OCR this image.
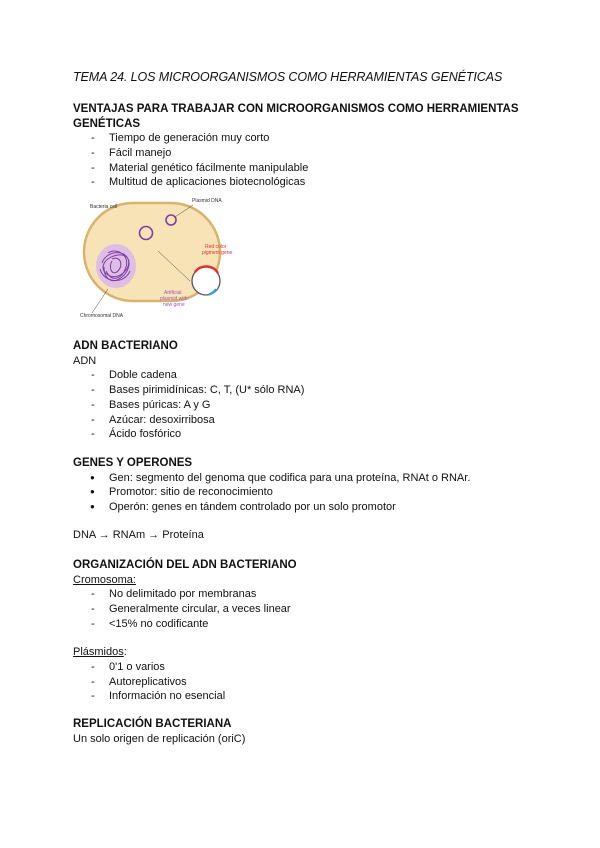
TEMA 24. LOS MICROORGANISMOS COMO HERRAMIENTAS GENÉTICAS

VENTAJAS PARA TRABAJAR CON MICROORGANISMOS COMO HERRAMIENTAS GENÉTICAS

- Tiempo de generación muy corto
- Fácil manejo
- Material genético fácilmente manipulable
- Multitud de aplicaciones biotecnológicas
Bacteria cell
Plasmid DNA
Red color
pigment gene
Artificial
plasmid with
new gene
Chromosomal DNA

ADN BACTERIANO

ADN

- Doble cadena
- Bases pirimidínicas: C, T, (U* sólo RNA)
- Bases púricas: A y G
- Azúcar: desoxirribosa
- Ácido fosfórico

GENES Y OPERONES

● Gen: segmento del genoma que codifica para una proteína, RNAt o RNAr.
● Promotor: sitio de reconocimiento
● Operón: genes en tándem controlado por un solo promotor

DNA → RNAm → Proteína

ORGANIZACIÓN DEL ADN BACTERIANO

Cromosoma:

- No delimitado por membranas
- Generalmente circular, a veces linear
- <15% no codificante

Plásmidos:

- 0'1 o varios
- Autoreplicativos
- Información no esencial

REPLICACIÓN BACTERIANA

Un solo origen de replicación (oriC)
